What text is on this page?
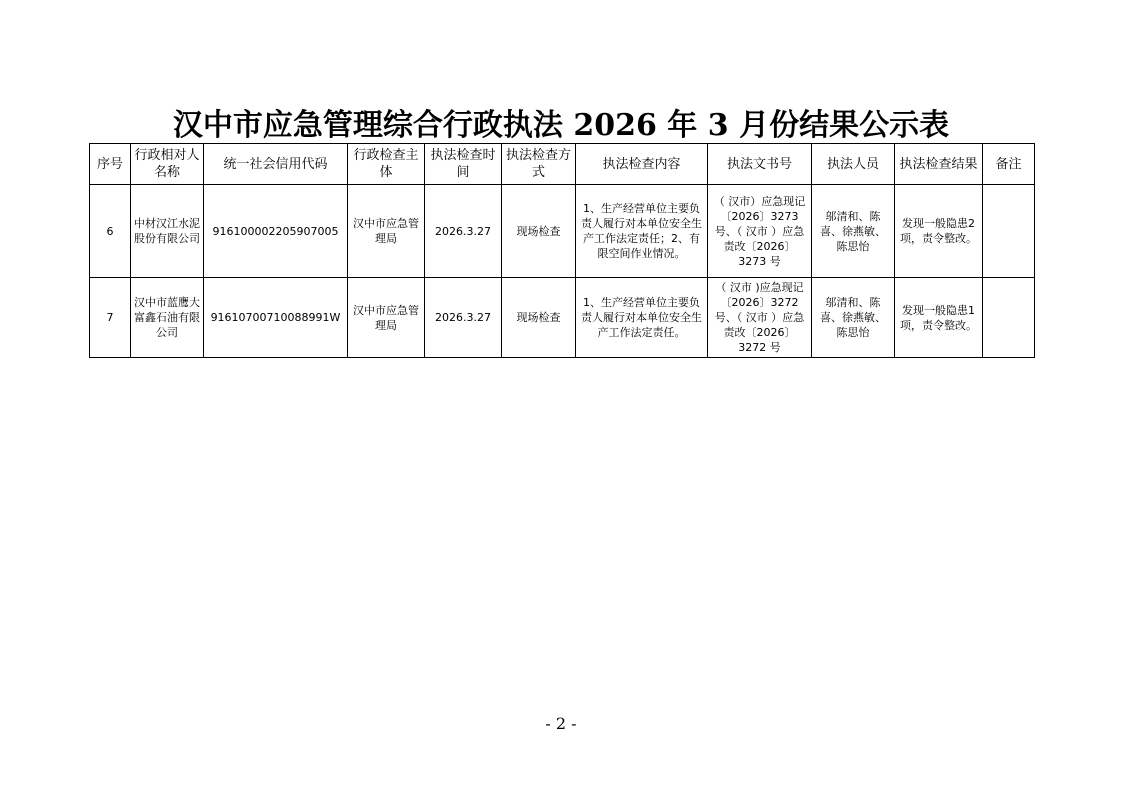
汉中市应急管理综合行政执法 2026 年 3 月份结果公示表
序号	行政相对人名称	统一社会信用代码	行政检查主体	执法检查时间	执法检查方式	执法检查内容	执法文书号	执法人员	执法检查结果	备注
6	中材汉江水泥股份有限公司	916100002205907005	汉中市应急管理局	2026.3.27	现场检查	1、生产经营单位主要负责人履行对本单位安全生产工作法定责任；2、有限空间作业情况。	（ 汉市）应急现记〔2026〕3273号、（ 汉市 ）应急责改〔2026〕3273 号	邬清和、陈喜、徐燕敏、陈思怡	发现一般隐患2项，责令整改。	
7	汉中市蓝鹰大富鑫石油有限公司	91610700710088991W	汉中市应急管理局	2026.3.27	现场检查	1、生产经营单位主要负责人履行对本单位安全生产工作法定责任。	（ 汉市 )应急现记〔2026〕3272号、（ 汉市 ）应急责改〔2026〕3272 号	邬清和、陈喜、徐燕敏、陈思怡	发现一般隐患1项，责令整改。	
- 2 -
